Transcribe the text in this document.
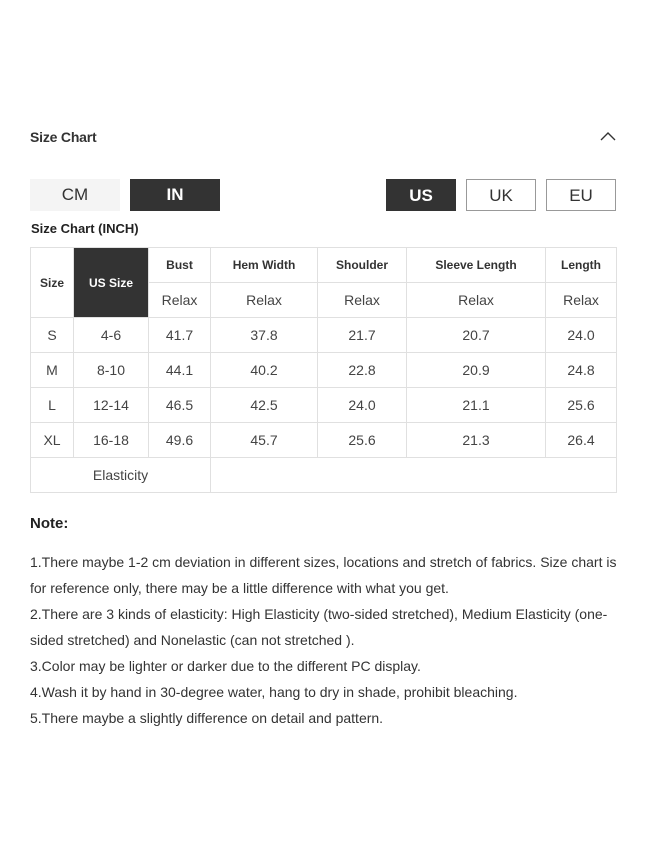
Size Chart
CM	IN	US	UK	EU
Size Chart (INCH)
Size	US Size	Bust	Hem Width	Shoulder	Sleeve Length	Length
		Relax	Relax	Relax	Relax	Relax
S	4-6	41.7	37.8	21.7	20.7	24.0
M	8-10	44.1	40.2	22.8	20.9	24.8
L	12-14	46.5	42.5	24.0	21.1	25.6
XL	16-18	49.6	45.7	25.6	21.3	26.4
Elasticity						
Note:
1.There maybe 1-2 cm deviation in different sizes, locations and stretch of fabrics. Size chart is for reference only, there may be a little difference with what you get.
2.There are 3 kinds of elasticity: High Elasticity (two-sided stretched), Medium Elasticity (one-sided stretched) and Nonelastic (can not stretched ).
3.Color may be lighter or darker due to the different PC display.
4.Wash it by hand in 30-degree water, hang to dry in shade, prohibit bleaching.
5.There maybe a slightly difference on detail and pattern.
